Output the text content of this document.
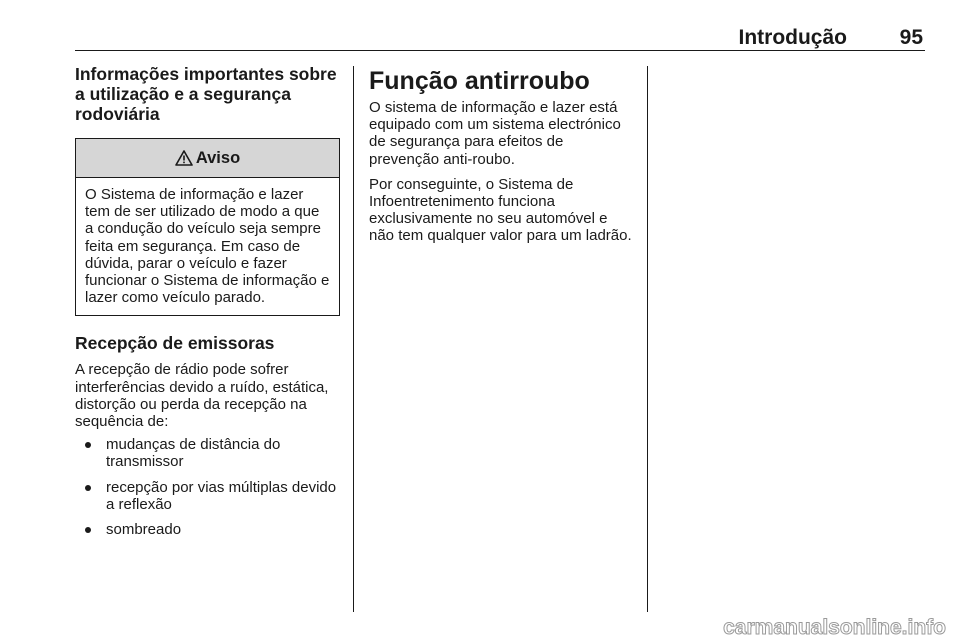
Introdução	95
Informações importantes sobre a utilização e a segurança rodoviária
Aviso
O Sistema de informação e lazer tem de ser utilizado de modo a que a condução do veículo seja sempre feita em segurança. Em caso de dúvida, parar o veículo e fazer funcionar o Sistema de informação e lazer como veículo parado.
Recepção de emissoras

A recepção de rádio pode sofrer interferências devido a ruído, estática, distorção ou perda da recepção na sequência de:

mudanças de distância do transmissor
recepção por vias múltiplas devido a reflexão
sombreado
Função antirroubo

O sistema de informação e lazer está equipado com um sistema electrónico de segurança para efeitos de prevenção anti-roubo.

Por conseguinte, o Sistema de Infoentretenimento funciona exclusivamente no seu automóvel e não tem qualquer valor para um ladrão.

carmanualsonline.info
